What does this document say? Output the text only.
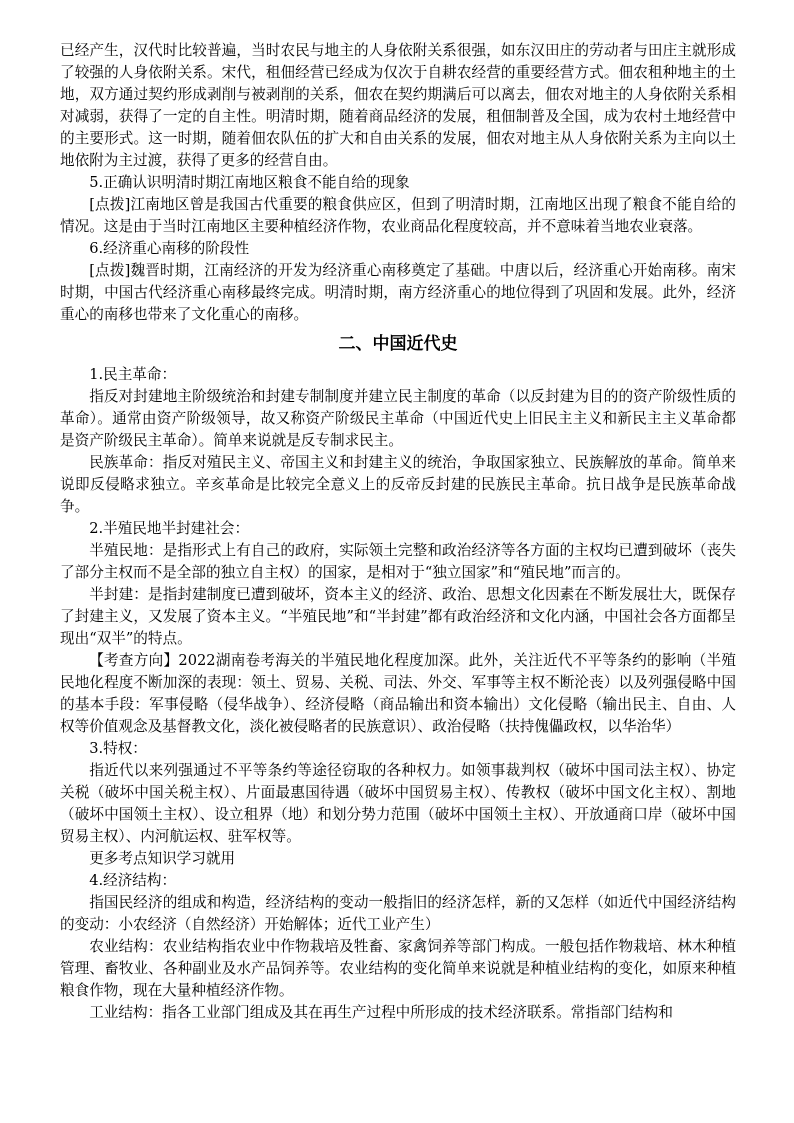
已经产生，汉代时比较普遍，当时农民与地主的人身依附关系很强，如东汉田庄的劳动者与田庄主就形成了较强的人身依附关系。宋代，租佃经营已经成为仅次于自耕农经营的重要经营方式。佃农租种地主的土地，双方通过契约形成剥削与被剥削的关系，佃农在契约期满后可以离去，佃农对地主的人身依附关系相对减弱，获得了一定的自主性。明清时期，随着商品经济的发展，租佃制普及全国，成为农村土地经营中的主要形式。这一时期，随着佃农队伍的扩大和自由关系的发展，佃农对地主从人身依附关系为主向以土地依附为主过渡，获得了更多的经营自由。

5.正确认识明清时期江南地区粮食不能自给的现象

[点拨]江南地区曾是我国古代重要的粮食供应区，但到了明清时期，江南地区出现了粮食不能自给的情况。这是由于当时江南地区主要种植经济作物，农业商品化程度较高，并不意味着当地农业衰落。

6.经济重心南移的阶段性

[点拨]魏晋时期，江南经济的开发为经济重心南移奠定了基础。中唐以后，经济重心开始南移。南宋时期，中国古代经济重心南移最终完成。明清时期，南方经济重心的地位得到了巩固和发展。此外，经济重心的南移也带来了文化重心的南移。

二、中国近代史

1.民主革命：

指反对封建地主阶级统治和封建专制制度并建立民主制度的革命（以反封建为目的的资产阶级性质的革命）。通常由资产阶级领导，故又称资产阶级民主革命（中国近代史上旧民主主义和新民主主义革命都是资产阶级民主革命）。简单来说就是反专制求民主。

民族革命：指反对殖民主义、帝国主义和封建主义的统治，争取国家独立、民族解放的革命。简单来说即反侵略求独立。辛亥革命是比较完全意义上的反帝反封建的民族民主革命。抗日战争是民族革命战争。

2.半殖民地半封建社会：

半殖民地：是指形式上有自己的政府，实际领土完整和政治经济等各方面的主权均已遭到破坏（丧失了部分主权而不是全部的独立自主权）的国家，是相对于“独立国家”和“殖民地”而言的。

半封建：是指封建制度已遭到破坏，资本主义的经济、政治、思想文化因素在不断发展壮大，既保存了封建主义，又发展了资本主义。“半殖民地”和“半封建”都有政治经济和文化内涵，中国社会各方面都呈现出“双半”的特点。

【考查方向】2022湖南卷考海关的半殖民地化程度加深。此外，关注近代不平等条约的影响（半殖民地化程度不断加深的表现：领土、贸易、关税、司法、外交、军事等主权不断沦丧）以及列强侵略中国的基本手段：军事侵略（侵华战争）、经济侵略（商品输出和资本输出）文化侵略（输出民主、自由、人权等价值观念及基督教文化，淡化被侵略者的民族意识）、政治侵略（扶持傀儡政权，以华治华）

3.特权：

指近代以来列强通过不平等条约等途径窃取的各种权力。如领事裁判权（破坏中国司法主权）、协定关税（破坏中国关税主权）、片面最惠国待遇（破坏中国贸易主权）、传教权（破坏中国文化主权）、割地（破坏中国领土主权）、设立租界（地）和划分势力范围（破坏中国领土主权）、开放通商口岸（破坏中国贸易主权）、内河航运权、驻军权等。

更多考点知识学习就用

4.经济结构：

指国民经济的组成和构造，经济结构的变动一般指旧的经济怎样，新的又怎样（如近代中国经济结构的变动：小农经济（自然经济）开始解体；近代工业产生）

农业结构：农业结构指农业中作物栽培及牲畜、家禽饲养等部门构成。一般包括作物栽培、林木种植管理、畜牧业、各种副业及水产品饲养等。农业结构的变化简单来说就是种植业结构的变化，如原来种植粮食作物，现在大量种植经济作物。

工业结构：指各工业部门组成及其在再生产过程中所形成的技术经济联系。常指部门结构和
